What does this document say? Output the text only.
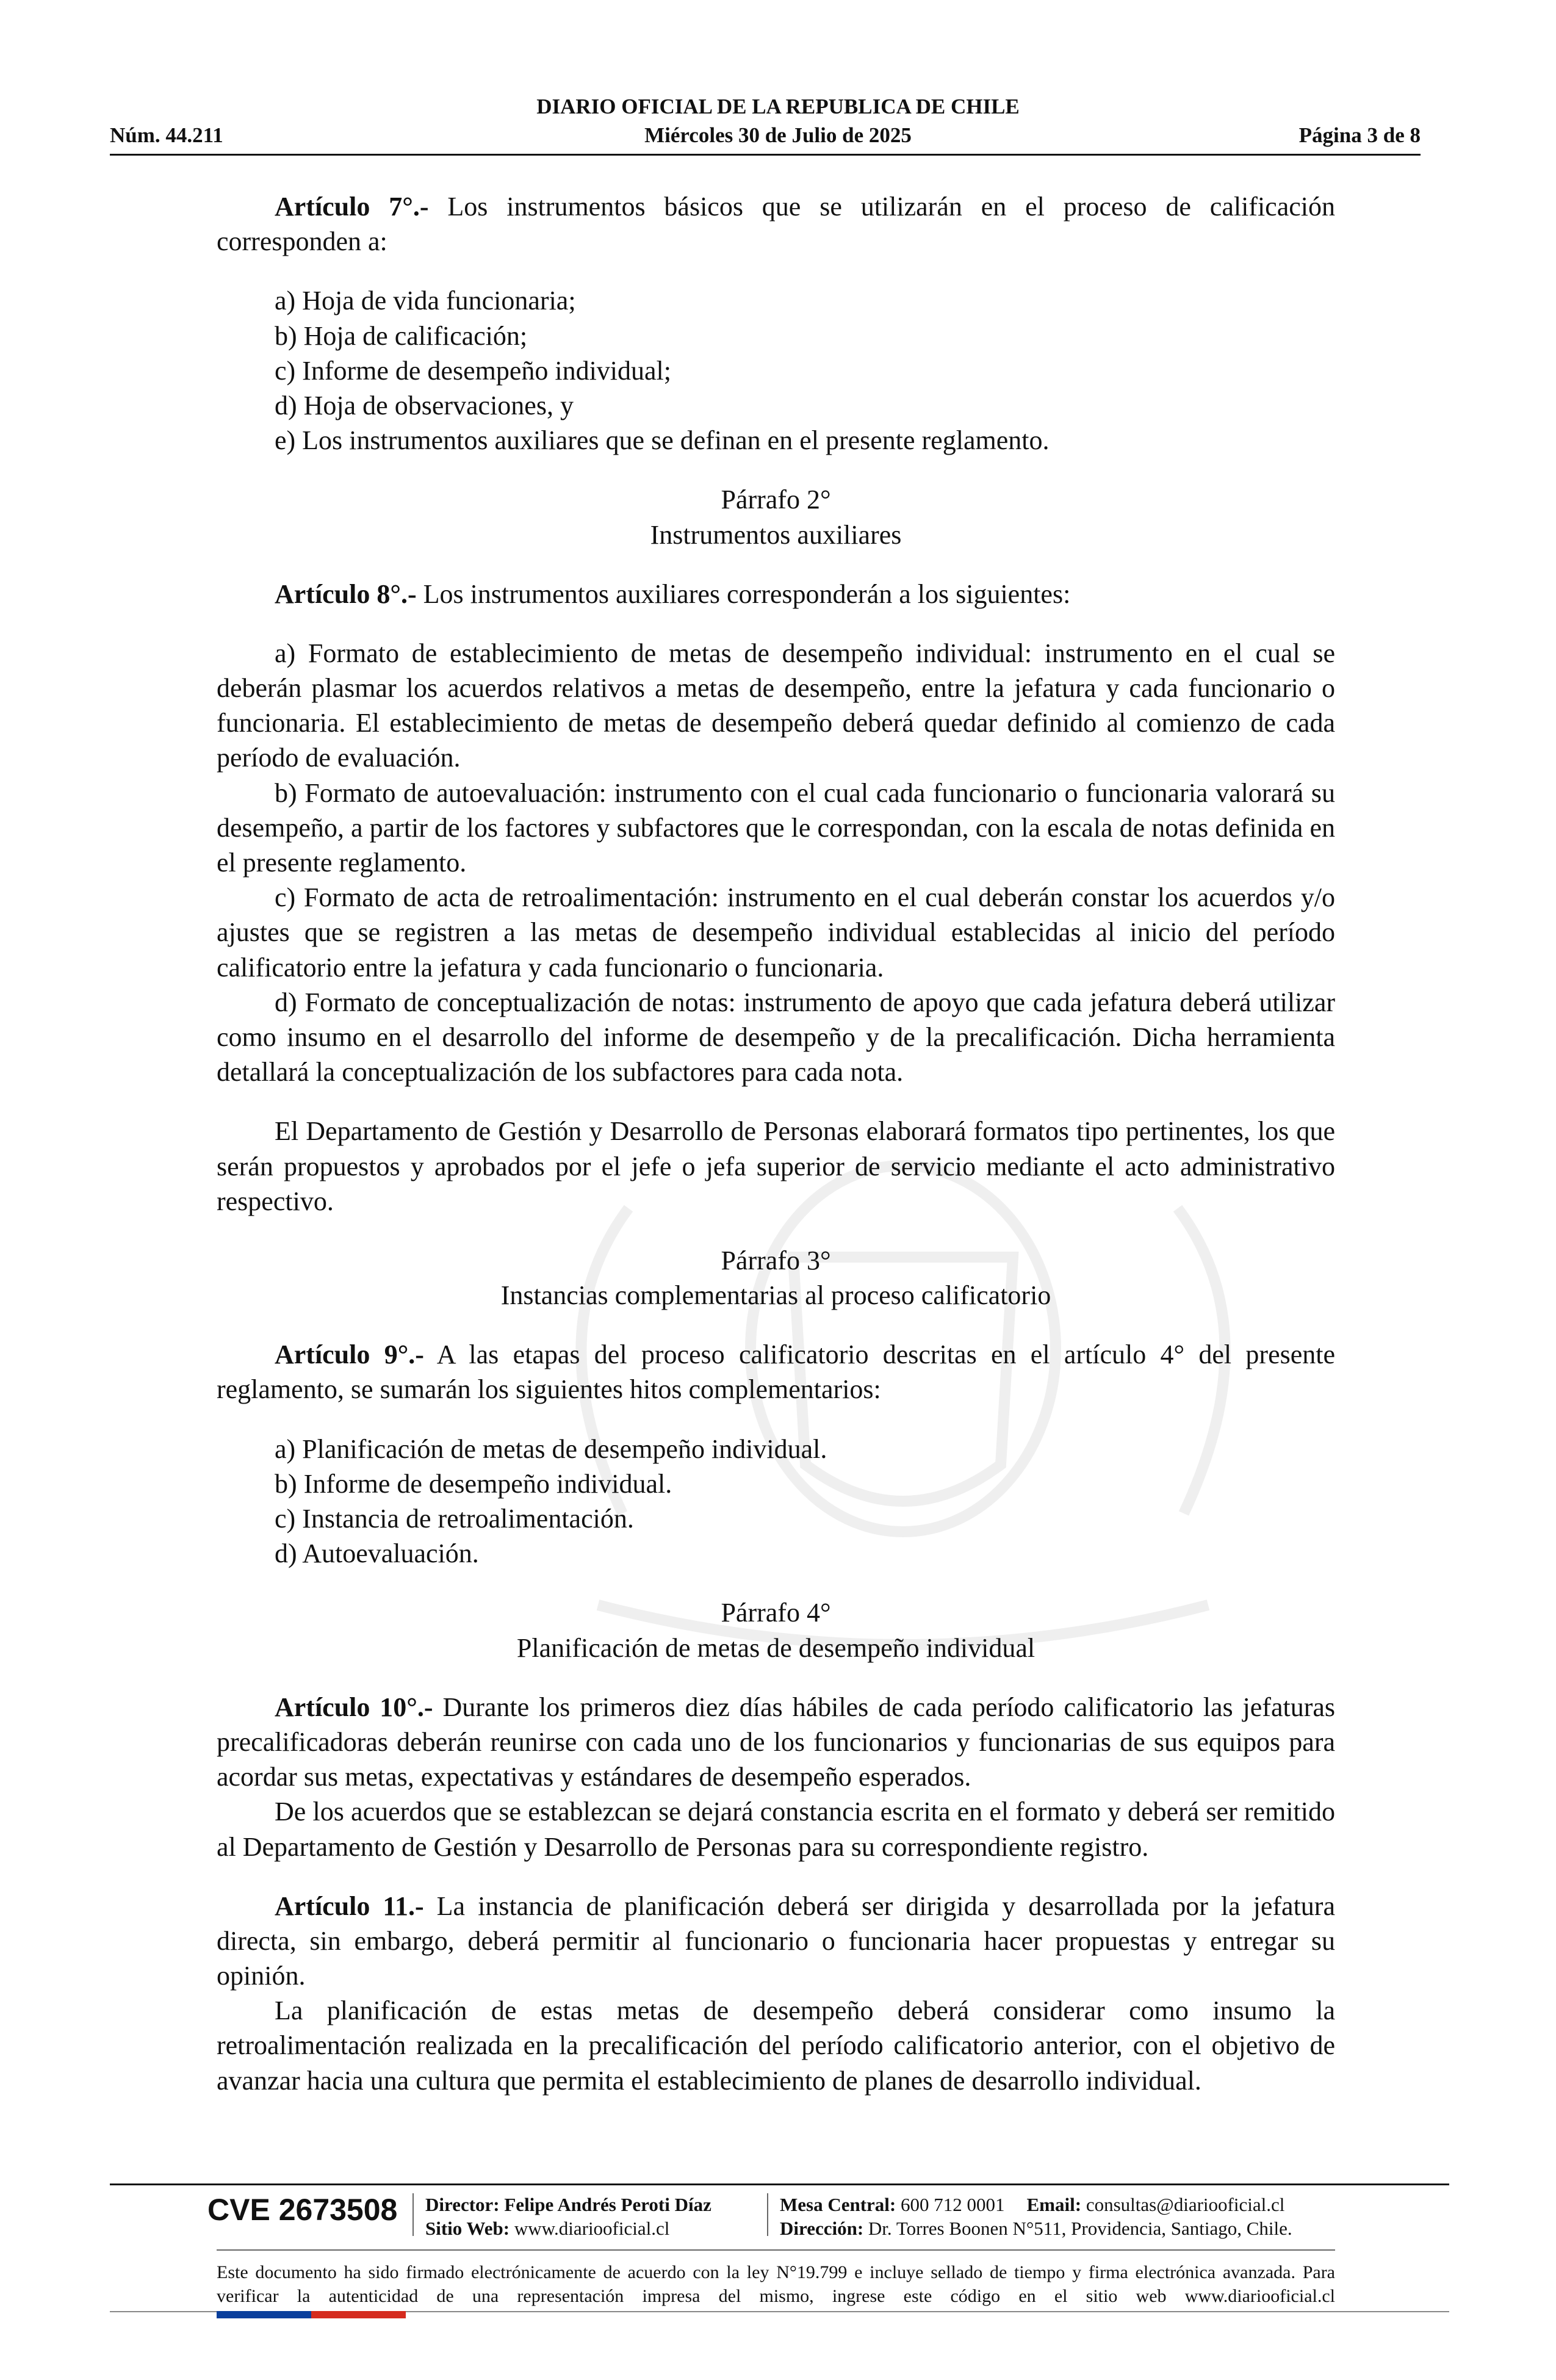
DIARIO OFICIAL DE LA REPUBLICA DE CHILE
Núm. 44.211	Miércoles 30 de Julio de 2025	Página 3 de 8

Artículo 7°.- Los instrumentos básicos que se utilizarán en el proceso de calificación corresponden a:

a) Hoja de vida funcionaria;

b) Hoja de calificación;

c) Informe de desempeño individual;

d) Hoja de observaciones, y

e) Los instrumentos auxiliares que se definan en el presente reglamento.

Párrafo 2°

Instrumentos auxiliares

Artículo 8°.- Los instrumentos auxiliares corresponderán a los siguientes:

a) Formato de establecimiento de metas de desempeño individual: instrumento en el cual se deberán plasmar los acuerdos relativos a metas de desempeño, entre la jefatura y cada funcionario o funcionaria. El establecimiento de metas de desempeño deberá quedar definido al comienzo de cada período de evaluación.

b) Formato de autoevaluación: instrumento con el cual cada funcionario o funcionaria valorará su desempeño, a partir de los factores y subfactores que le correspondan, con la escala de notas definida en el presente reglamento.

c) Formato de acta de retroalimentación: instrumento en el cual deberán constar los acuerdos y/o ajustes que se registren a las metas de desempeño individual establecidas al inicio del período calificatorio entre la jefatura y cada funcionario o funcionaria.

d) Formato de conceptualización de notas: instrumento de apoyo que cada jefatura deberá utilizar como insumo en el desarrollo del informe de desempeño y de la precalificación. Dicha herramienta detallará la conceptualización de los subfactores para cada nota.

El Departamento de Gestión y Desarrollo de Personas elaborará formatos tipo pertinentes, los que serán propuestos y aprobados por el jefe o jefa superior de servicio mediante el acto administrativo respectivo.

Párrafo 3°

Instancias complementarias al proceso calificatorio

Artículo 9°.- A las etapas del proceso calificatorio descritas en el artículo 4° del presente reglamento, se sumarán los siguientes hitos complementarios:

a) Planificación de metas de desempeño individual.

b) Informe de desempeño individual.

c) Instancia de retroalimentación.

d) Autoevaluación.

Párrafo 4°

Planificación de metas de desempeño individual

Artículo 10°.- Durante los primeros diez días hábiles de cada período calificatorio las jefaturas precalificadoras deberán reunirse con cada uno de los funcionarios y funcionarias de sus equipos para acordar sus metas, expectativas y estándares de desempeño esperados.

De los acuerdos que se establezcan se dejará constancia escrita en el formato y deberá ser remitido al Departamento de Gestión y Desarrollo de Personas para su correspondiente registro.

Artículo 11.- La instancia de planificación deberá ser dirigida y desarrollada por la jefatura directa, sin embargo, deberá permitir al funcionario o funcionaria hacer propuestas y entregar su opinión.

La planificación de estas metas de desempeño deberá considerar como insumo la retroalimentación realizada en la precalificación del período calificatorio anterior, con el objetivo de avanzar hacia una cultura que permita el establecimiento de planes de desarrollo individual.

CVE 2673508 Director: Felipe Andrés Peroti Díaz
Sitio Web: www.diariooficial.cl
Mesa Central: 600 712 0001 Email: consultas@diariooficial.cl
Dirección: Dr. Torres Boonen N°511, Providencia, Santiago, Chile.
Este documento ha sido firmado electrónicamente de acuerdo con la ley N°19.799 e incluye sellado de tiempo y firma electrónica avanzada. Para verificar la autenticidad de una representación impresa del mismo, ingrese este código en el sitio web www.diariooficial.cl
